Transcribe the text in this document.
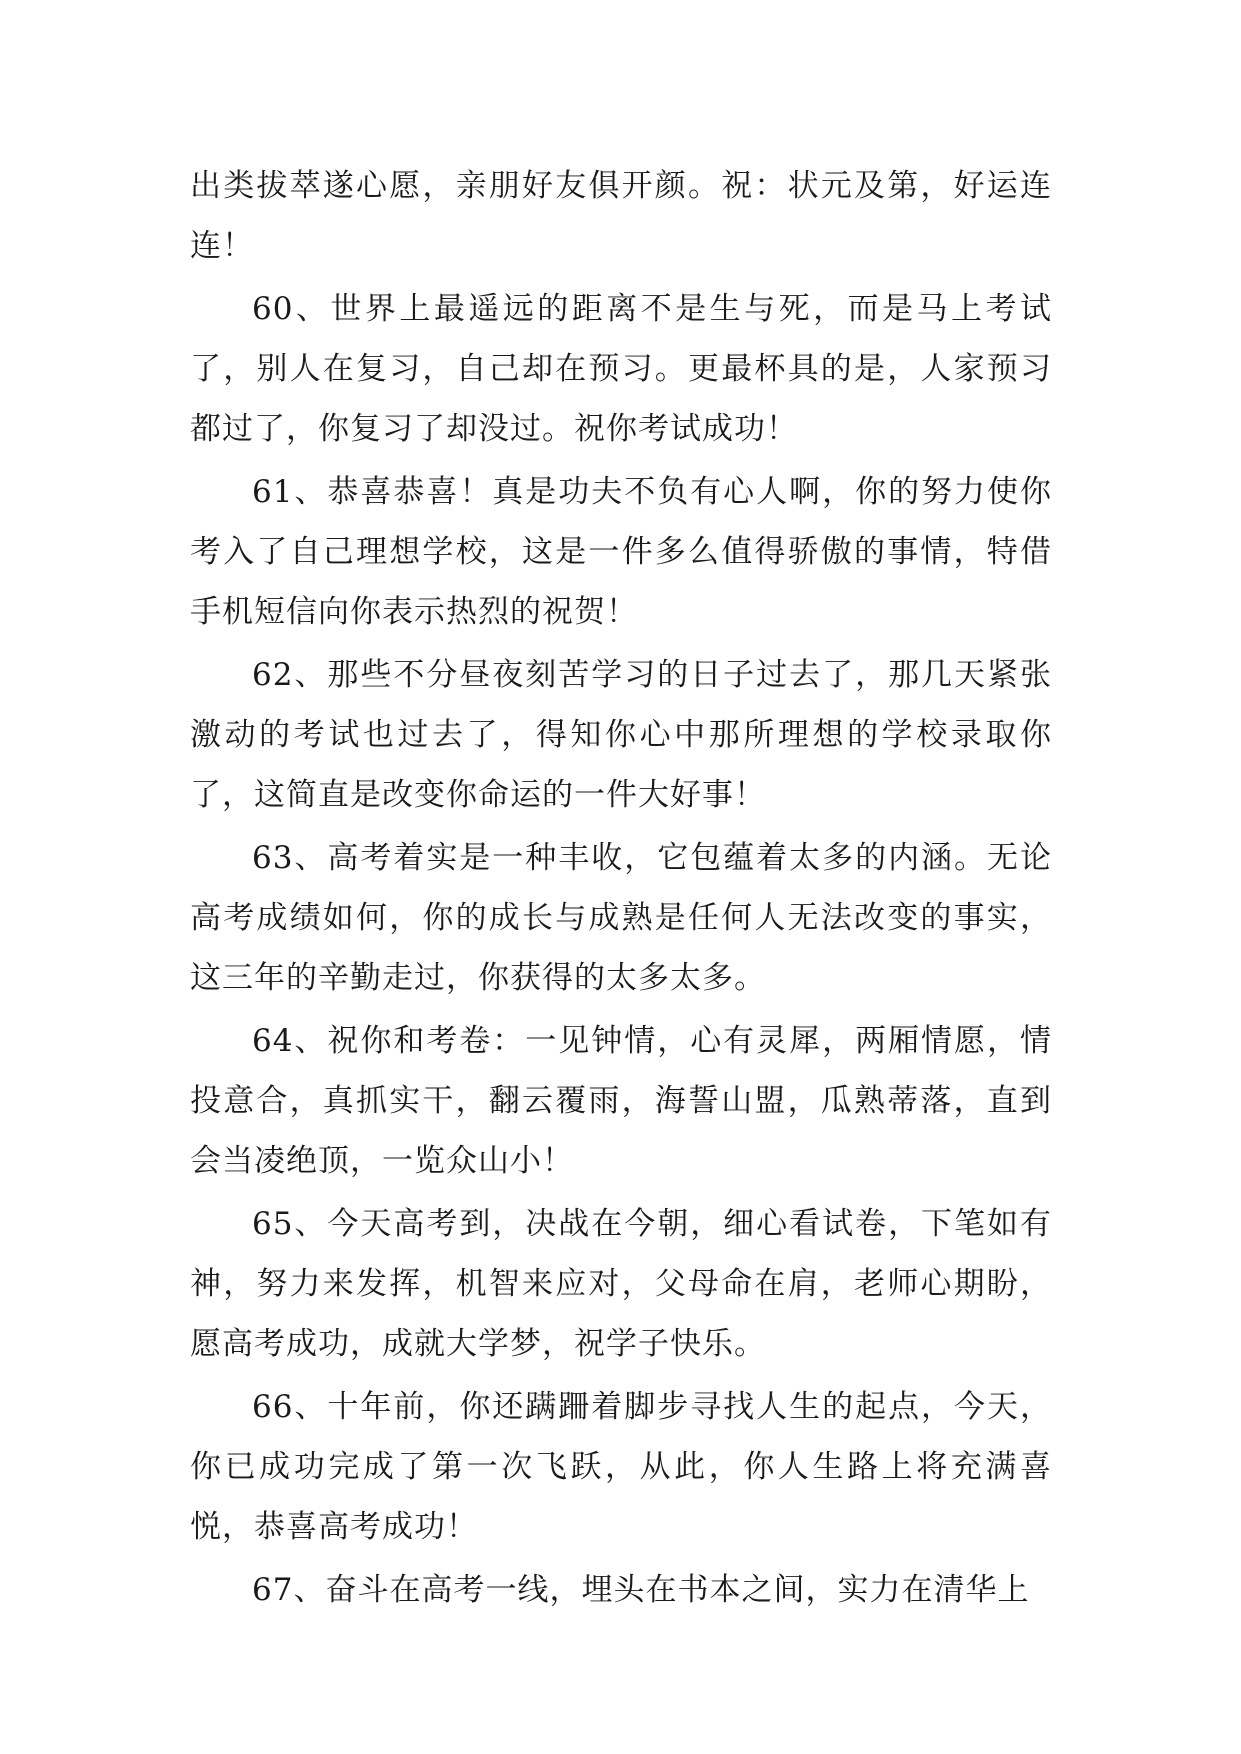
出类拔萃遂心愿，亲朋好友俱开颜。祝：状元及第，好运连连！

60、世界上最遥远的距离不是生与死，而是马上考试了，别人在复习，自己却在预习。更最杯具的是，人家预习都过了，你复习了却没过。祝你考试成功！

61、恭喜恭喜！真是功夫不负有心人啊，你的努力使你考入了自己理想学校，这是一件多么值得骄傲的事情，特借手机短信向你表示热烈的祝贺！

62、那些不分昼夜刻苦学习的日子过去了，那几天紧张激动的考试也过去了，得知你心中那所理想的学校录取你了，这简直是改变你命运的一件大好事！

63、高考着实是一种丰收，它包蕴着太多的内涵。无论高考成绩如何，你的成长与成熟是任何人无法改变的事实，这三年的辛勤走过，你获得的太多太多。

64、祝你和考卷：一见钟情，心有灵犀，两厢情愿，情投意合，真抓实干，翻云覆雨，海誓山盟，瓜熟蒂落，直到会当凌绝顶，一览众山小！

65、今天高考到，决战在今朝，细心看试卷，下笔如有神，努力来发挥，机智来应对，父母命在肩，老师心期盼，愿高考成功，成就大学梦，祝学子快乐。

66、十年前，你还蹒跚着脚步寻找人生的起点，今天，你已成功完成了第一次飞跃，从此，你人生路上将充满喜悦，恭喜高考成功！

67、奋斗在高考一线，埋头在书本之间，实力在清华上
